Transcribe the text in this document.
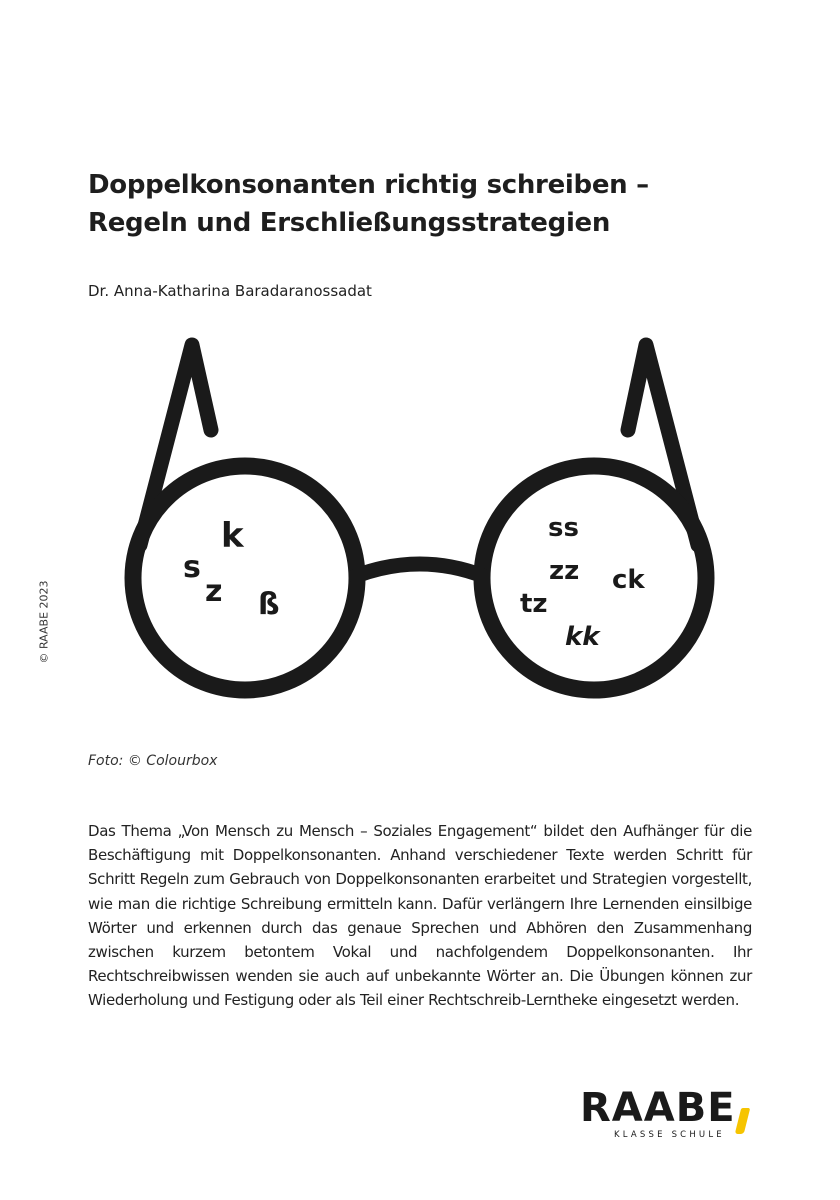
Doppelkonsonanten richtig schreiben –
Regeln und Erschließungsstrategien
Dr. Anna-Katharina Baradaranossadat
© RAABE 2023
k
s
z ß
ss
zz ck
tz
kk
Foto: © Colourbox

Das Thema „Von Mensch zu Mensch – Soziales Engagement“ bildet den Aufhänger für die Beschäftigung mit Doppelkonsonanten. Anhand verschiedener Texte werden Schritt für Schritt Regeln zum Gebrauch von Doppelkonsonanten erarbeitet und Strategien vorgestellt, wie man die richtige Schreibung ermitteln kann. Dafür verlängern Ihre Lernenden einsilbige Wörter und erkennen durch das genaue Sprechen und Abhören den Zusammenhang zwischen kurzem betontem Vokal und nachfolgendem Doppelkonsonanten. Ihr Rechtschreibwissen wenden sie auch auf unbekannte Wörter an. Die Übungen können zur Wiederholung und Festigung oder als Teil einer Rechtschreib-Lerntheke eingesetzt werden.

RAABE
KLASSE SCHULE
